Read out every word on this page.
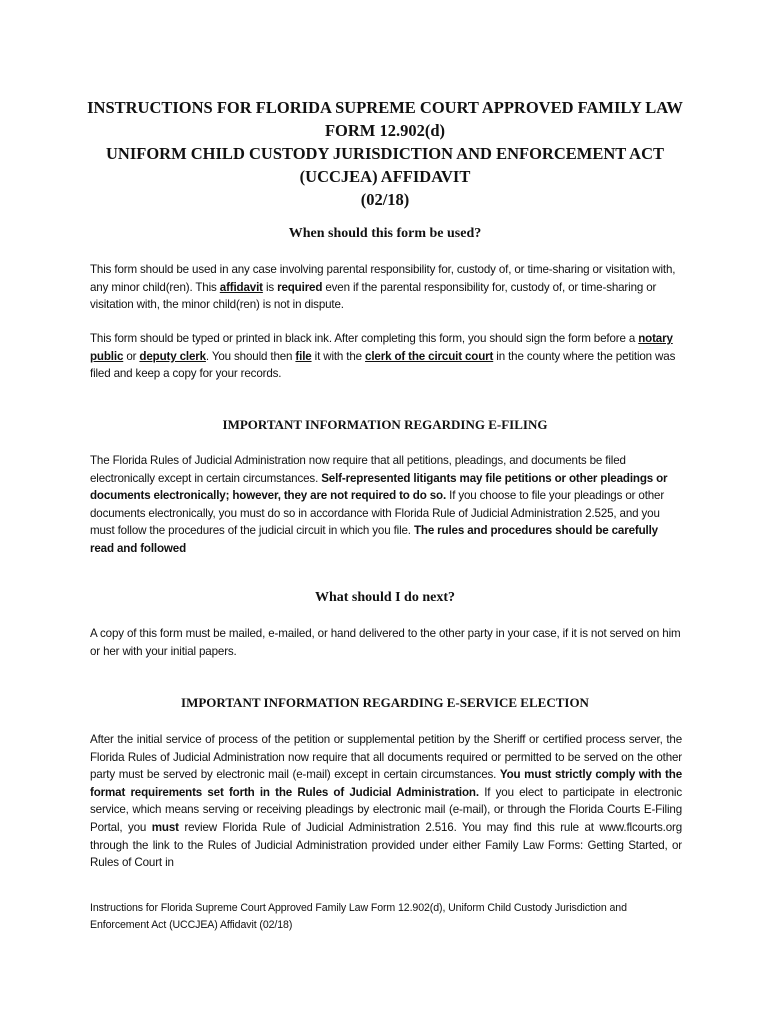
INSTRUCTIONS FOR FLORIDA SUPREME COURT APPROVED FAMILY LAW
FORM 12.902(d)
UNIFORM CHILD CUSTODY JURISDICTION AND ENFORCEMENT ACT
(UCCJEA) AFFIDAVIT
(02/18)
When should this form be used?
This form should be used in any case involving parental responsibility for, custody of, or time-sharing or visitation with, any minor child(ren). This affidavit is required even if the parental responsibility for, custody of, or time-sharing or visitation with, the minor child(ren) is not in dispute.
This form should be typed or printed in black ink. After completing this form, you should sign the form before a notary public or deputy clerk. You should then file it with the clerk of the circuit court in the county where the petition was filed and keep a copy for your records.
IMPORTANT INFORMATION REGARDING E-FILING
The Florida Rules of Judicial Administration now require that all petitions, pleadings, and documents be filed electronically except in certain circumstances. Self-represented litigants may file petitions or other pleadings or documents electronically; however, they are not required to do so. If you choose to file your pleadings or other documents electronically, you must do so in accordance with Florida Rule of Judicial Administration 2.525, and you must follow the procedures of the judicial circuit in which you file. The rules and procedures should be carefully read and followed
What should I do next?
A copy of this form must be mailed, e-mailed, or hand delivered to the other party in your case, if it is not served on him or her with your initial papers.
IMPORTANT INFORMATION REGARDING E-SERVICE ELECTION
After the initial service of process of the petition or supplemental petition by the Sheriff or certified process server, the Florida Rules of Judicial Administration now require that all documents required or permitted to be served on the other party must be served by electronic mail (e-mail) except in certain circumstances. You must strictly comply with the format requirements set forth in the Rules of Judicial Administration. If you elect to participate in electronic service, which means serving or receiving pleadings by electronic mail (e-mail), or through the Florida Courts E-Filing Portal, you must review Florida Rule of Judicial Administration 2.516. You may find this rule at www.flcourts.org through the link to the Rules of Judicial Administration provided under either Family Law Forms: Getting Started, or Rules of Court in
Instructions for Florida Supreme Court Approved Family Law Form 12.902(d), Uniform Child Custody Jurisdiction and Enforcement Act (UCCJEA) Affidavit (02/18)
